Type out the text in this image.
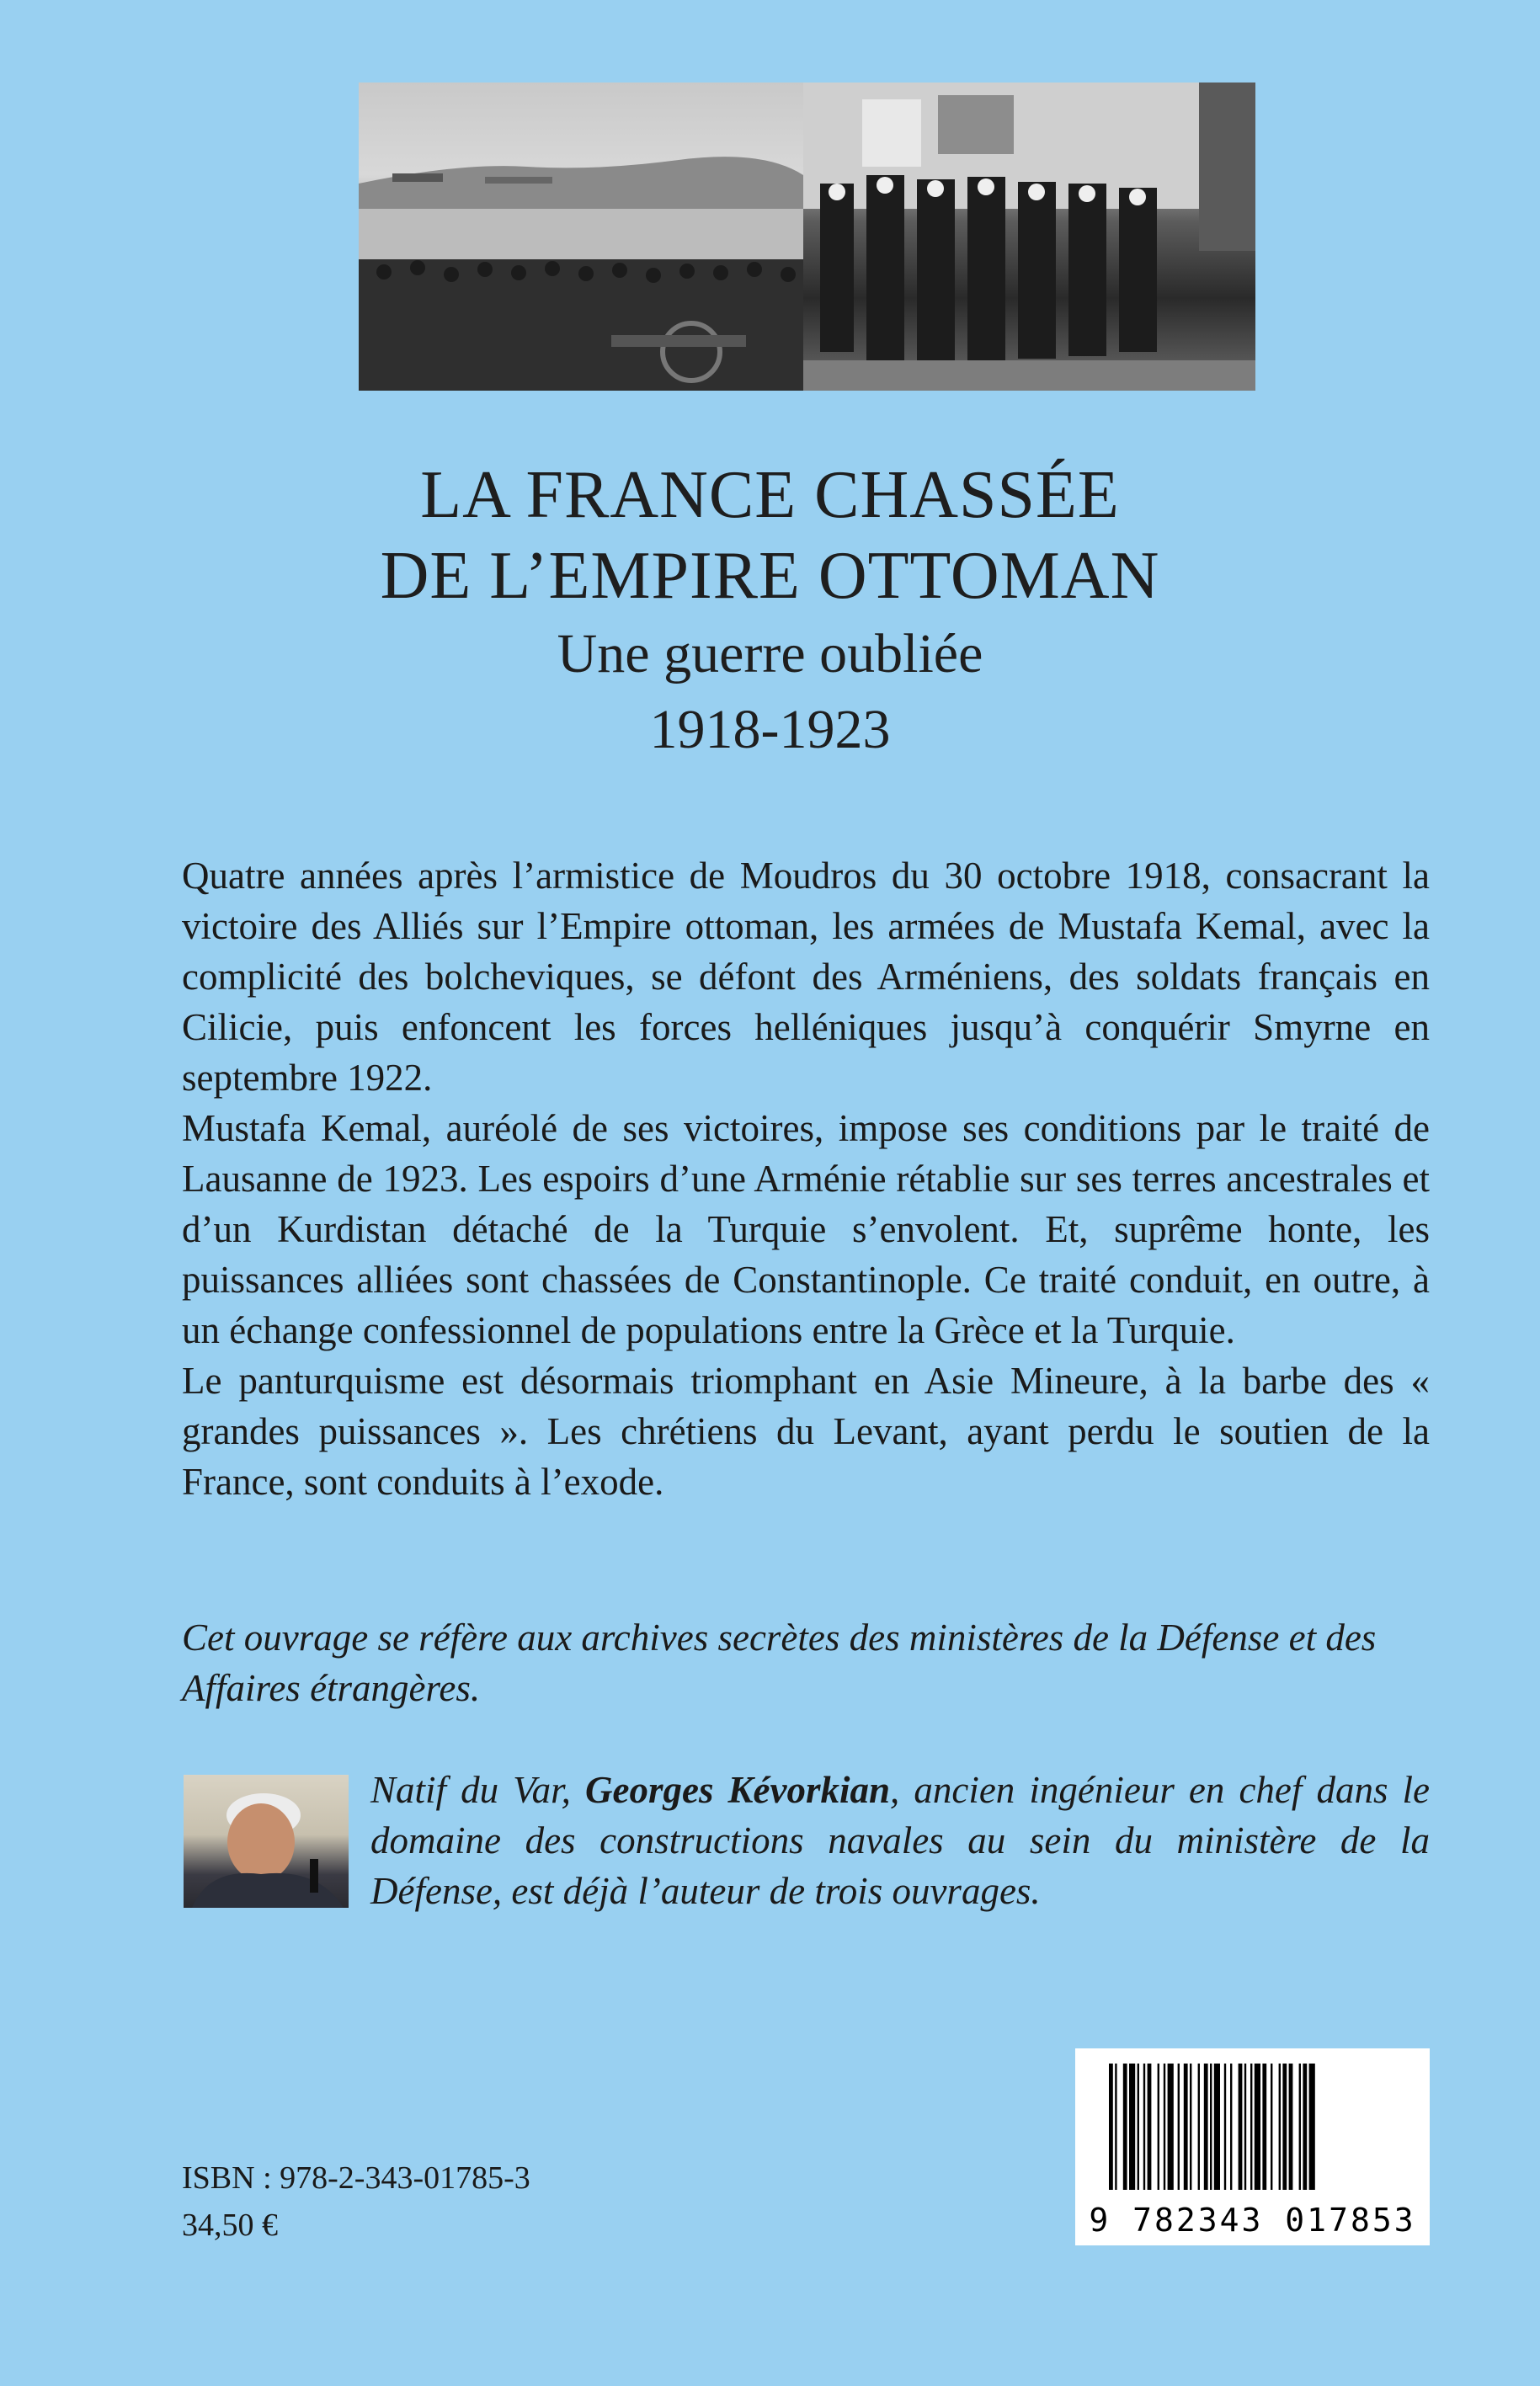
LA FRANCE CHASSÉE
DE L’EMPIRE OTTOMAN
Une guerre oubliée
1918-1923

Quatre années après l’armistice de Moudros du 30 octobre 1918, consacrant la victoire des Alliés sur l’Empire ottoman, les armées de Mustafa Kemal, avec la complicité des bolcheviques, se défont des Arméniens, des soldats français en Cilicie, puis enfoncent les forces helléniques jusqu’à conquérir Smyrne en septembre 1922.

Mustafa Kemal, auréolé de ses victoires, impose ses conditions par le traité de Lausanne de 1923. Les espoirs d’une Arménie rétablie sur ses terres ancestrales et d’un Kurdistan détaché de la Turquie s’envolent. Et, suprême honte, les puissances alliées sont chassées de Constantinople. Ce traité conduit, en outre, à un échange confessionnel de populations entre la Grèce et la Turquie.

Le panturquisme est désormais triomphant en Asie Mineure, à la barbe des « grandes puissances ». Les chrétiens du Levant, ayant perdu le soutien de la France, sont conduits à l’exode.

Cet ouvrage se réfère aux archives secrètes des ministères de la Défense et des Affaires étrangères.
Natif du Var, Georges Kévorkian, ancien ingénieur en chef dans le domaine des constructions navales au sein du ministère de la Défense, est déjà l’auteur de trois ouvrages.
9 782343 017853
ISBN : 978-2-343-01785-3
34,50 €
